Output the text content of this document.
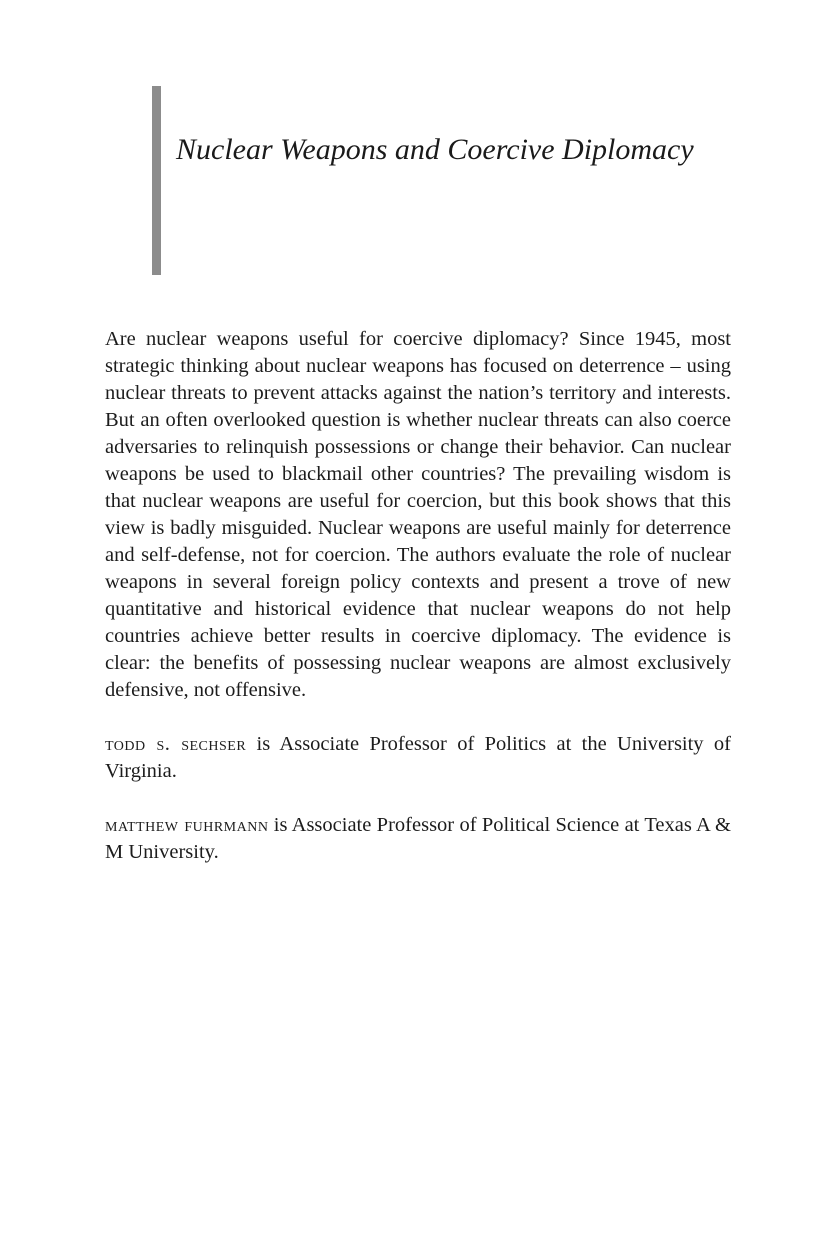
Nuclear Weapons and Coercive Diplomacy

Are nuclear weapons useful for coercive diplomacy? Since 1945, most strategic thinking about nuclear weapons has focused on deterrence – using nuclear threats to prevent attacks against the nation’s territory and interests. But an often overlooked question is whether nuclear threats can also coerce adversaries to relinquish possessions or change their behavior. Can nuclear weapons be used to blackmail other countries? The prevailing wisdom is that nuclear weapons are useful for coercion, but this book shows that this view is badly misguided. Nuclear weapons are useful mainly for deterrence and self-defense, not for coercion. The authors evaluate the role of nuclear weapons in several foreign policy contexts and present a trove of new quantitative and historical evidence that nuclear weapons do not help countries achieve better results in coercive diplomacy. The evidence is clear: the benefits of possessing nuclear weapons are almost exclusively defensive, not offensive.

todd s. sechser is Associate Professor of Politics at the University of Virginia.

matthew fuhrmann is Associate Professor of Political Science at Texas A & M University.
